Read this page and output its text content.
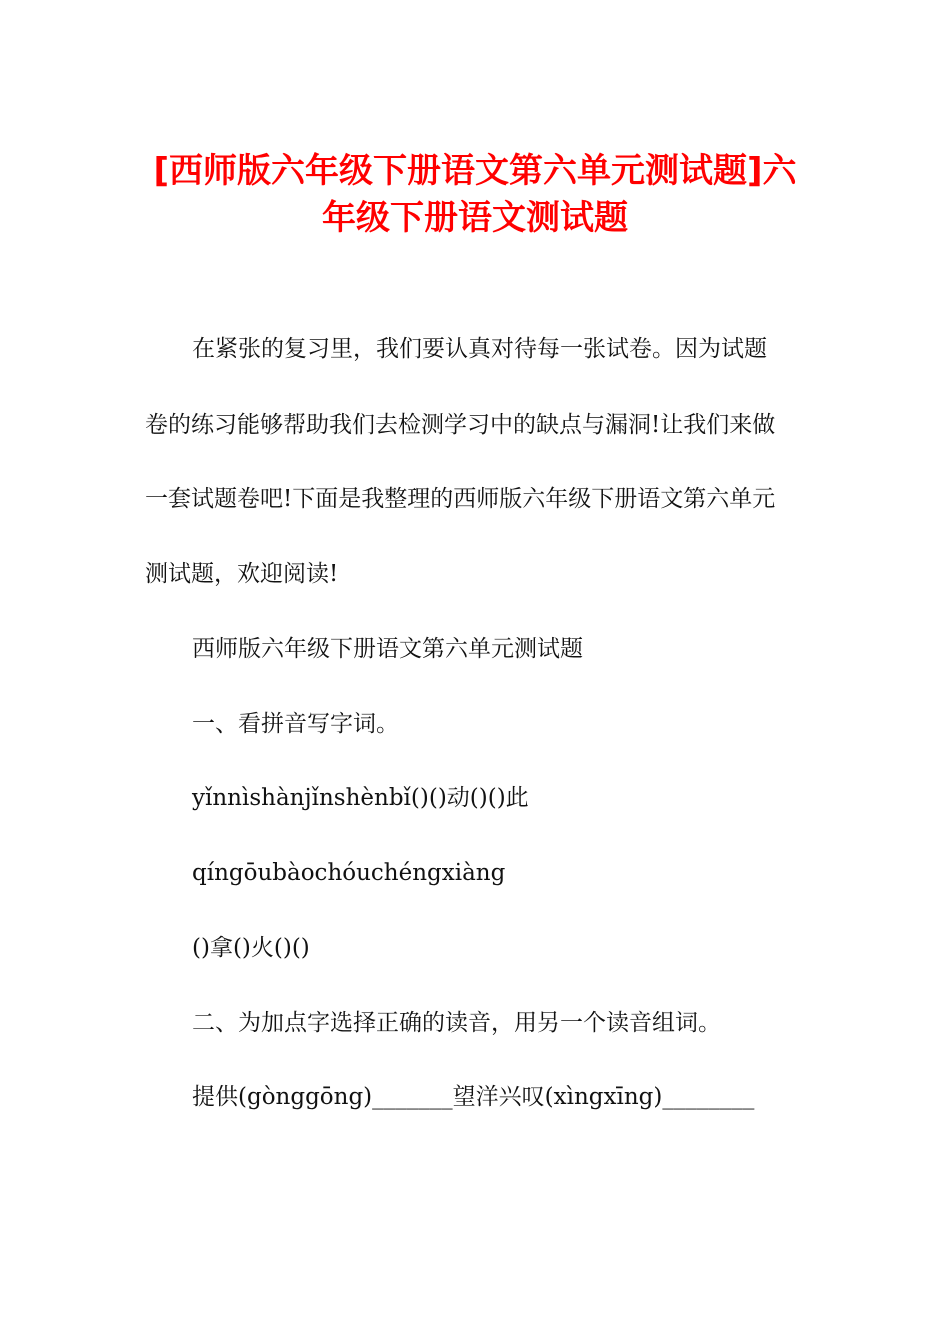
[西师版六年级下册语文第六单元测试题]六
年级下册语文测试题

在紧张的复习里，我们要认真对待每一张试卷。因为试题

卷的练习能够帮助我们去检测学习中的缺点与漏洞!让我们来做

一套试题卷吧!下面是我整理的西师版六年级下册语文第六单元

测试题，欢迎阅读!

西师版六年级下册语文第六单元测试题

一、看拼音写字词。

yǐnnìshànjǐnshènbǐ()()动()()此

qíngōubàochóuchéngxiàng

()拿()火()()

二、为加点字选择正确的读音，用另一个读音组词。

提供(gònggōng)_______望洋兴叹(xìngxīng)________
